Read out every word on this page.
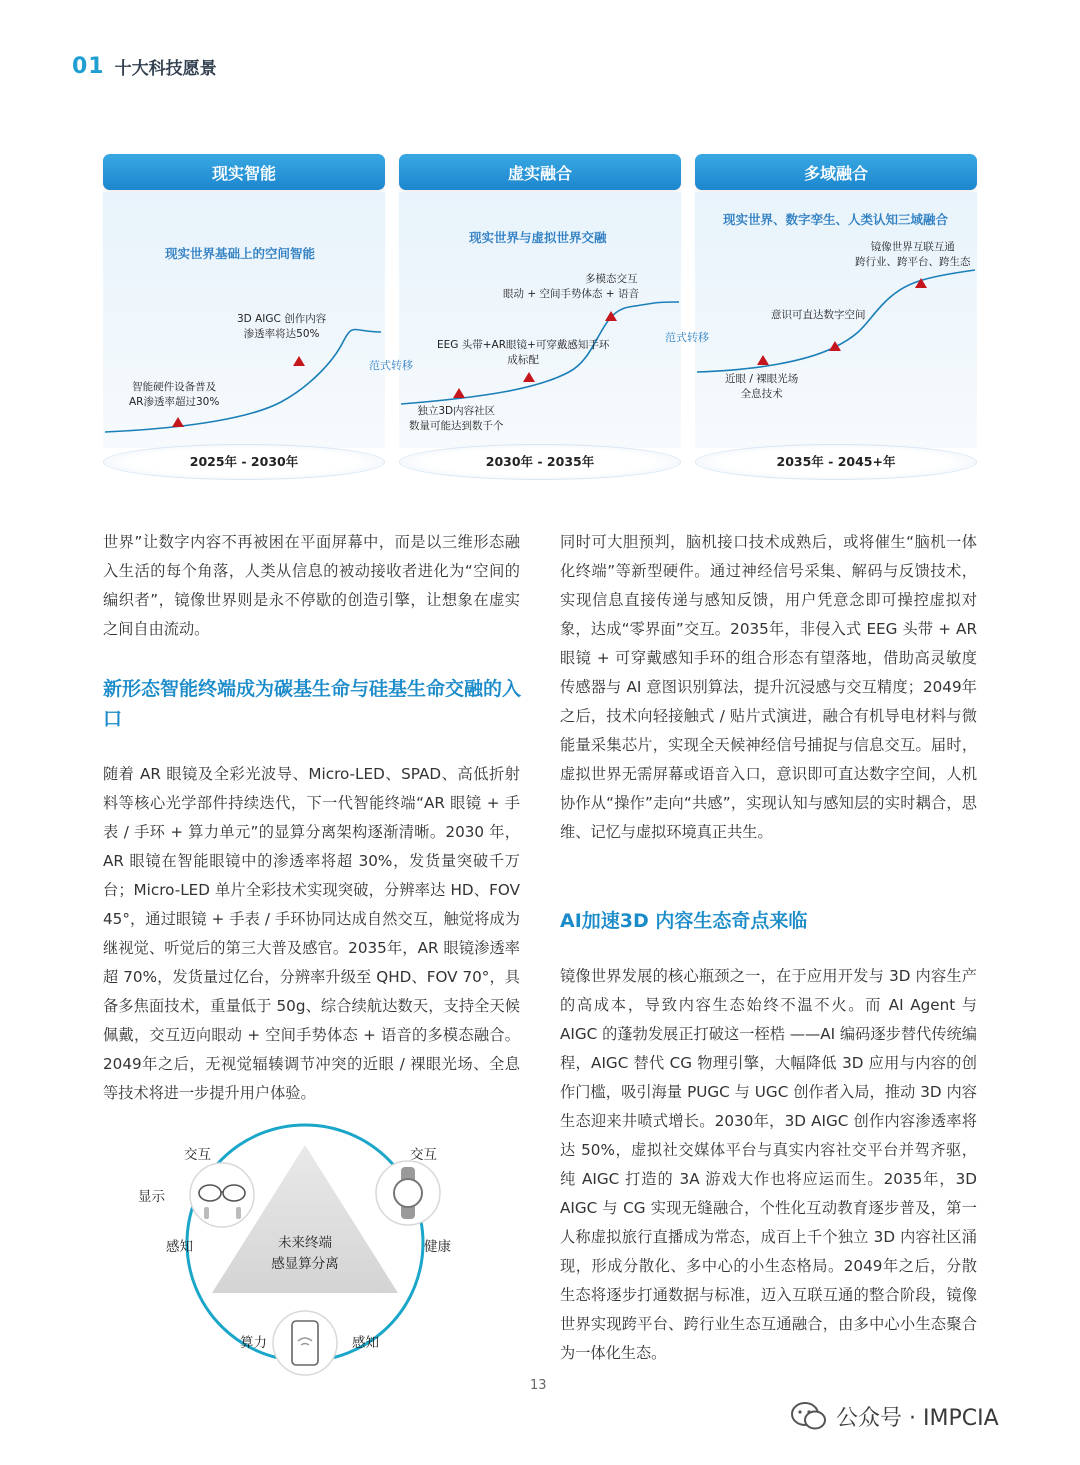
01 十大科技愿景
现实智能
现实世界基础上的空间智能
3D AIGC 创作内容
渗透率将达50%
智能硬件设备普及
AR渗透率超过30%
虚实融合
现实世界与虚拟世界交融
多模态交互
眼动 + 空间手势体态 + 语音
EEG 头带+AR眼镜+可穿戴感知手环
成标配
独立3D内容社区
数量可能达到数千个
多域融合
现实世界、数字孪生、人类认知三域融合
镜像世界互联互通
跨行业、跨平台、跨生态
意识可直达数字空间
近眼 / 裸眼光场
全息技术
范式转移
范式转移
2025年 - 2030年	2030年 - 2035年	2035年 - 2045+年
世界”让数字内容不再被困在平面屏幕中，而是以三维形态融入生活的每个角落，人类从信息的被动接收者进化为“空间的编织者”，镜像世界则是永不停歇的创造引擎，让想象在虚实之间自由流动。
新形态智能终端成为碳基生命与硅基生命交融的入口
随着 AR 眼镜及全彩光波导、Micro-LED、SPAD、高低折射料等核心光学部件持续迭代，下一代智能终端“AR 眼镜 + 手表 / 手环 + 算力单元”的显算分离架构逐渐清晰。2030 年，AR 眼镜在智能眼镜中的渗透率将超 30%，发货量突破千万台；Micro-LED 单片全彩技术实现突破，分辨率达 HD、FOV 45°，通过眼镜 + 手表 / 手环协同达成自然交互，触觉将成为继视觉、听觉后的第三大普及感官。2035年，AR 眼镜渗透率超 70%，发货量过亿台，分辨率升级至 QHD、FOV 70°，具备多焦面技术，重量低于 50g、综合续航达数天，支持全天候佩戴，交互迈向眼动 + 空间手势体态 + 语音的多模态融合。2049年之后，无视觉辐辏调节冲突的近眼 / 裸眼光场、全息等技术将进一步提升用户体验。
未来终端
感显算分离
交互	交互
显示
感知	健康
算力	感知
同时可大胆预判，脑机接口技术成熟后，或将催生“脑机一体化终端”等新型硬件。通过神经信号采集、解码与反馈技术，实现信息直接传递与感知反馈，用户凭意念即可操控虚拟对象，达成“零界面”交互。2035年，非侵入式 EEG 头带 + AR 眼镜 + 可穿戴感知手环的组合形态有望落地，借助高灵敏度传感器与 AI 意图识别算法，提升沉浸感与交互精度；2049年之后，技术向轻接触式 / 贴片式演进，融合有机导电材料与微能量采集芯片，实现全天候神经信号捕捉与信息交互。届时，虚拟世界无需屏幕或语音入口，意识即可直达数字空间，人机协作从“操作”走向“共感”，实现认知与感知层的实时耦合，思维、记忆与虚拟环境真正共生。
AI加速3D 内容生态奇点来临
镜像世界发展的核心瓶颈之一，在于应用开发与 3D 内容生产的高成本，导致内容生态始终不温不火。而 AI Agent 与 AIGC 的蓬勃发展正打破这一桎梏 ——AI 编码逐步替代传统编程，AIGC 替代 CG 物理引擎，大幅降低 3D 应用与内容的创作门槛，吸引海量 PUGC 与 UGC 创作者入局，推动 3D 内容生态迎来井喷式增长。2030年，3D AIGC 创作内容渗透率将达 50%，虚拟社交媒体平台与真实内容社交平台并驾齐驱，纯 AIGC 打造的 3A 游戏大作也将应运而生。2035年，3D AIGC 与 CG 实现无缝融合，个性化互动教育逐步普及，第一人称虚拟旅行直播成为常态，成百上千个独立 3D 内容社区涌现，形成分散化、多中心的小生态格局。2049年之后，分散生态将逐步打通数据与标准，迈入互联互通的整合阶段，镜像世界实现跨平台、跨行业生态互通融合，由多中心小生态聚合为一体化生态。
13
公众号 · IMPCIA
